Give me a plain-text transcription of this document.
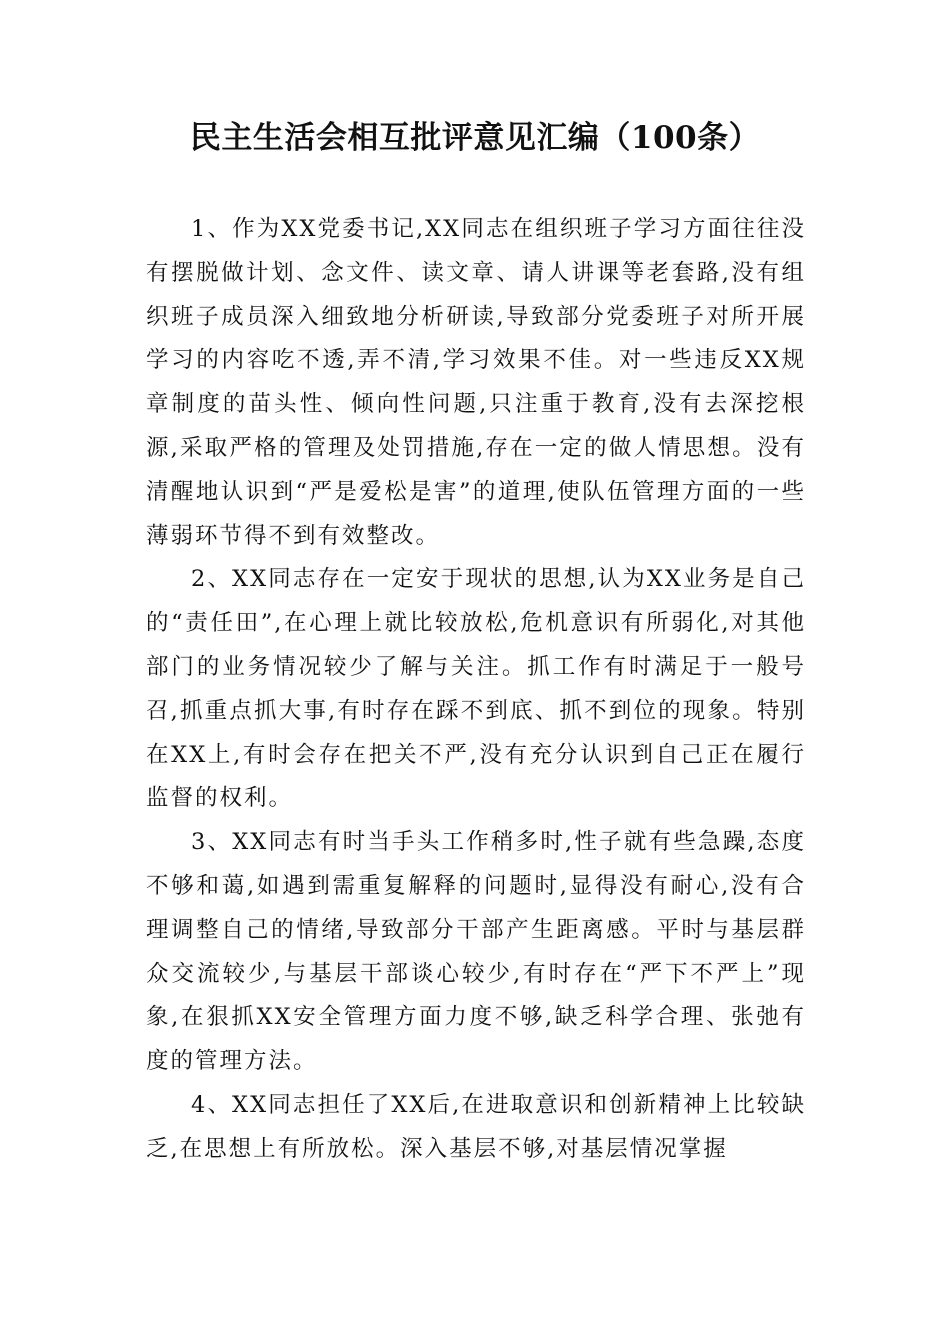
民主生活会相互批评意见汇编（100条）

1、作为XX党委书记,XX同志在组织班子学习方面往往没有摆脱做计划、念文件、读文章、请人讲课等老套路,没有组织班子成员深入细致地分析研读,导致部分党委班子对所开展学习的内容吃不透,弄不清,学习效果不佳。对一些违反XX规章制度的苗头性、倾向性问题,只注重于教育,没有去深挖根源,采取严格的管理及处罚措施,存在一定的做人情思想。没有清醒地认识到“严是爱松是害”的道理,使队伍管理方面的一些薄弱环节得不到有效整改。

2、XX同志存在一定安于现状的思想,认为XX业务是自己的“责任田”,在心理上就比较放松,危机意识有所弱化,对其他部门的业务情况较少了解与关注。抓工作有时满足于一般号召,抓重点抓大事,有时存在踩不到底、抓不到位的现象。特别在XX上,有时会存在把关不严,没有充分认识到自己正在履行监督的权利。

3、XX同志有时当手头工作稍多时,性子就有些急躁,态度不够和蔼,如遇到需重复解释的问题时,显得没有耐心,没有合理调整自己的情绪,导致部分干部产生距离感。平时与基层群众交流较少,与基层干部谈心较少,有时存在“严下不严上”现象,在狠抓XX安全管理方面力度不够,缺乏科学合理、张弛有度的管理方法。

4、XX同志担任了XX后,在进取意识和创新精神上比较缺乏,在思想上有所放松。深入基层不够,对基层情况掌握
